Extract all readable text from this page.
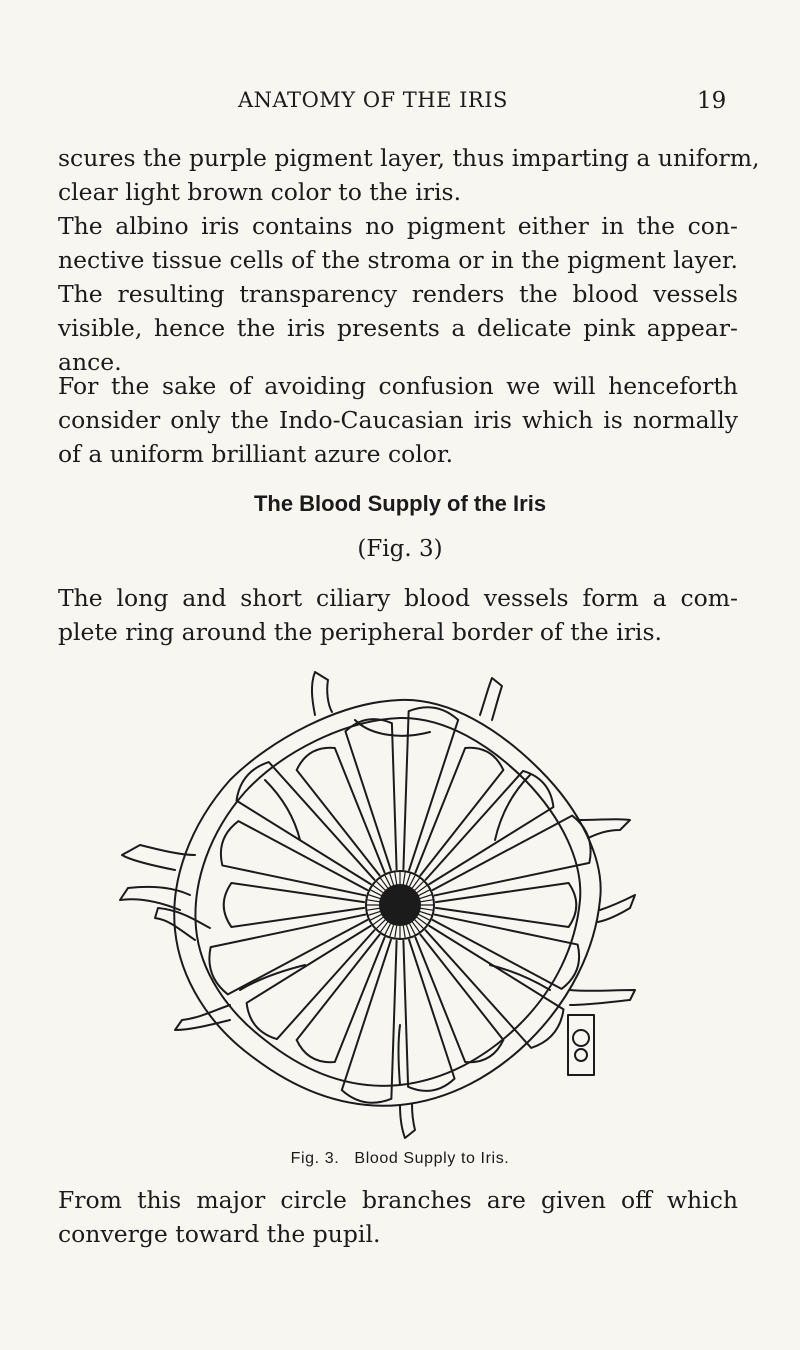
ANATOMY OF THE IRIS	19
scures the purple pigment layer, thus imparting a uniform,
clear light brown color to the iris.
The albino iris contains no pigment either in the con-
nective tissue cells of the stroma or in the pigment layer.
The resulting transparency renders the blood vessels
visible, hence the iris presents a delicate pink appear-
ance.
For the sake of avoiding confusion we will henceforth
consider only the Indo-Caucasian iris which is normally
of a uniform brilliant azure color.
The Blood Supply of the Iris
(Fig. 3)
The long and short ciliary blood vessels form a com-
plete ring around the peripheral border of the iris.
Fig. 3.   Blood Supply to Iris.
From this major circle branches are given off which
converge toward the pupil.
